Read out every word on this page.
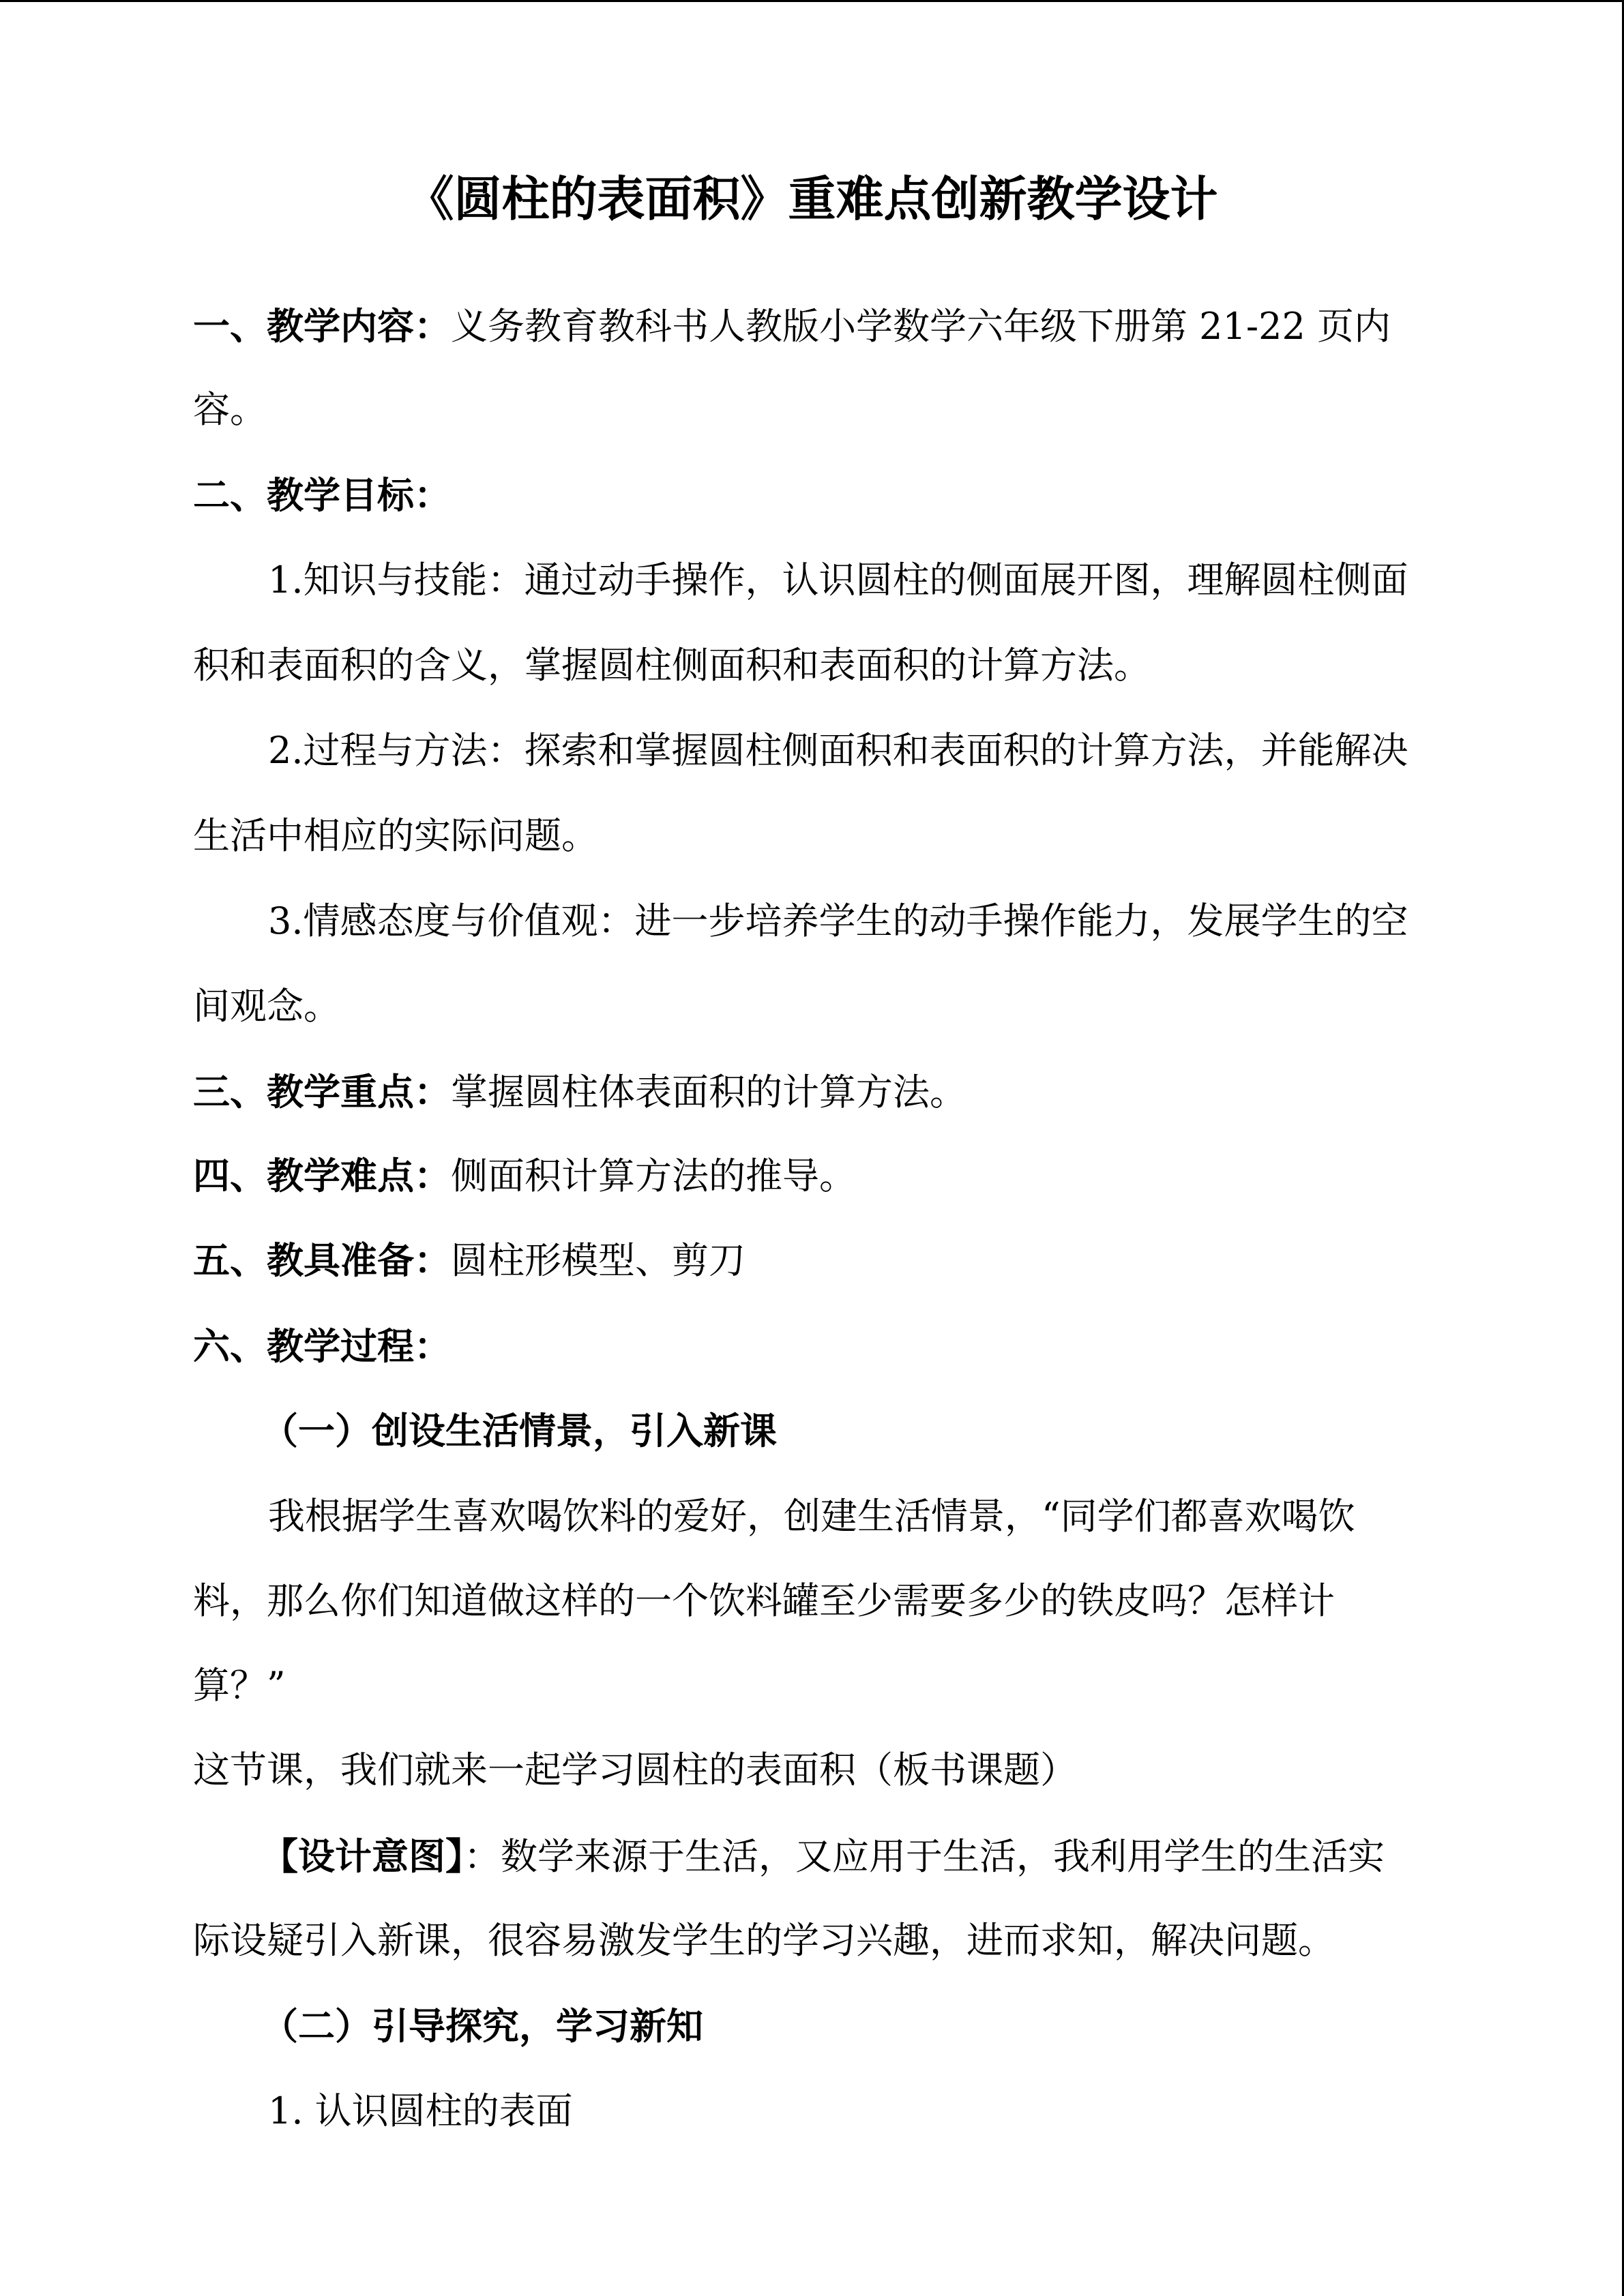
《圆柱的表面积》重难点创新教学设计
一、教学内容：义务教育教科书人教版小学数学六年级下册第 21-22 页内
容。
二、教学目标：
1.知识与技能：通过动手操作，认识圆柱的侧面展开图，理解圆柱侧面
积和表面积的含义，掌握圆柱侧面积和表面积的计算方法。
2.过程与方法：探索和掌握圆柱侧面积和表面积的计算方法，并能解决
生活中相应的实际问题。
3.情感态度与价值观：进一步培养学生的动手操作能力，发展学生的空
间观念。
三、教学重点：掌握圆柱体表面积的计算方法。
四、教学难点：侧面积计算方法的推导。
五、教具准备：圆柱形模型、剪刀
六、教学过程：
（一）创设生活情景，引入新课
我根据学生喜欢喝饮料的爱好，创建生活情景，“同学们都喜欢喝饮
料，那么你们知道做这样的一个饮料罐至少需要多少的铁皮吗？怎样计
算？”
这节课，我们就来一起学习圆柱的表面积（板书课题）
【设计意图】：数学来源于生活，又应用于生活，我利用学生的生活实
际设疑引入新课，很容易激发学生的学习兴趣，进而求知，解决问题。
（二）引导探究，学习新知
1. 认识圆柱的表面
